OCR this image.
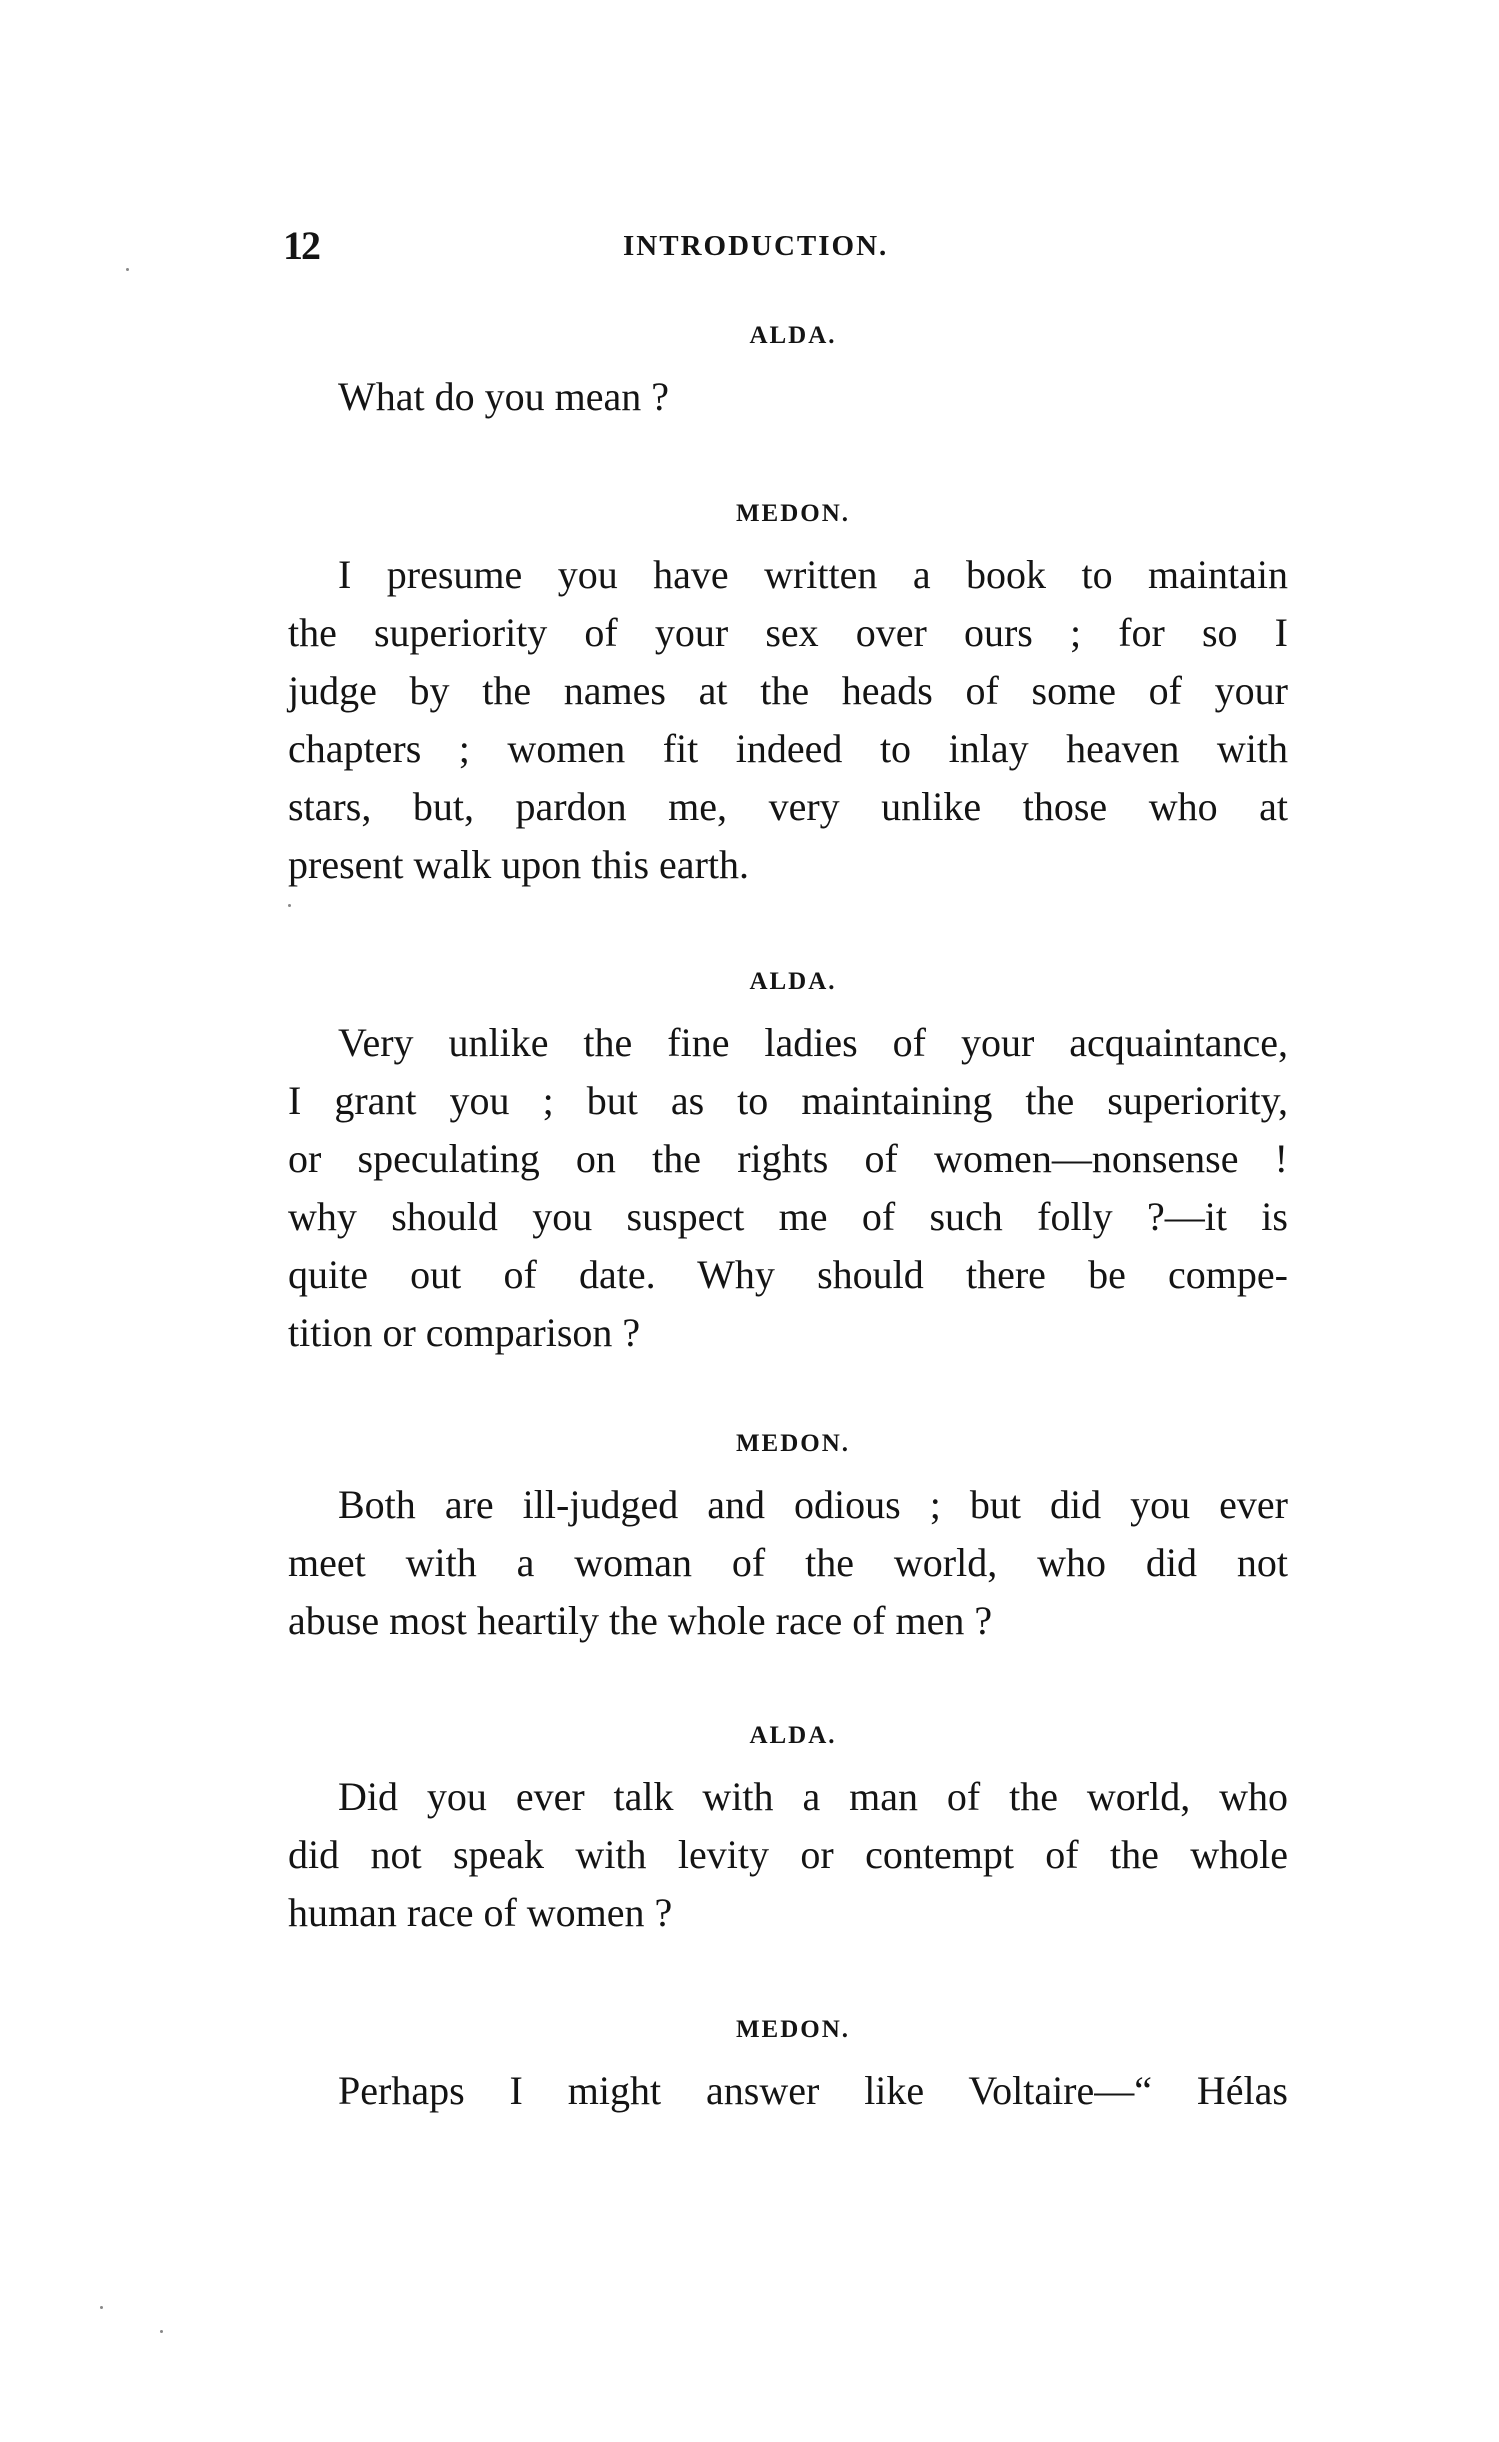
12	INTRODUCTION.
ALDA.
What do you mean ?
MEDON.
I presume you have written a book to maintain
the superiority of your sex over ours ; for so I
judge by the names at the heads of some of your
chapters ; women fit indeed to inlay heaven with
stars, but, pardon me, very unlike those who at
present walk upon this earth.
ALDA.
Very unlike the fine ladies of your acquaintance,
I grant you ; but as to maintaining the superiority,
or speculating on the rights of women—nonsense !
why should you suspect me of such folly ?—it is
quite out of date. Why should there be compe-
tition or comparison ?
MEDON.
Both are ill-judged and odious ; but did you ever
meet with a woman of the world, who did not
abuse most heartily the whole race of men ?
ALDA.
Did you ever talk with a man of the world, who
did not speak with levity or contempt of the whole
human race of women ?
MEDON.
Perhaps I might answer like Voltaire—“ Hélas
